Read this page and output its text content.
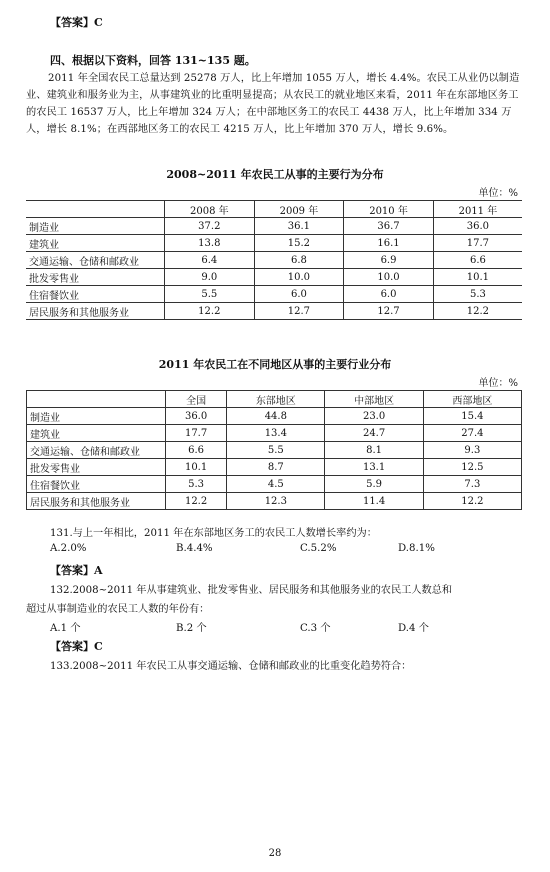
【答案】C
四、根据以下资料，回答 131~135 题。

2011 年全国农民工总量达到 25278 万人，比上年增加 1055 万人，增长 4.4%。农民工从业仍以制造业、建筑业和服务业为主，从事建筑业的比重明显提高；从农民工的就业地区来看，2011 年在东部地区务工的农民工 16537 万人，比上年增加 324 万人；在中部地区务工的农民工 4438 万人，比上年增加 334 万人，增长 8.1%；在西部地区务工的农民工 4215 万人，比上年增加 370 万人，增长 9.6%。

2008~2011 年农民工从事的主要行为分布
单位：%
	2008 年	2009 年	2010 年	2011 年
制造业	37.2	36.1	36.7	36.0
建筑业	13.8	15.2	16.1	17.7
交通运输、仓储和邮政业	6.4	6.8	6.9	6.6
批发零售业	9.0	10.0	10.0	10.1
住宿餐饮业	5.5	6.0	6.0	5.3
居民服务和其他服务业	12.2	12.7	12.7	12.2
2011 年农民工在不同地区从事的主要行业分布
单位：%
	全国	东部地区	中部地区	西部地区
制造业	36.0	44.8	23.0	15.4
建筑业	17.7	13.4	24.7	27.4
交通运输、仓储和邮政业	6.6	5.5	8.1	9.3
批发零售业	10.1	8.7	13.1	12.5
住宿餐饮业	5.3	4.5	5.9	7.3
居民服务和其他服务业	12.2	12.3	11.4	12.2
131.与上一年相比，2011 年在东部地区务工的农民工人数增长率约为：
A.2.0%	B.4.4%	C.5.2%	D.8.1%
【答案】A
132.2008~2011 年从事建筑业、批发零售业、居民服务和其他服务业的农民工人数总和
超过从事制造业的农民工人数的年份有：
A.1 个	B.2 个	C.3 个	D.4 个
【答案】C
133.2008~2011 年农民工从事交通运输、仓储和邮政业的比重变化趋势符合：
28
